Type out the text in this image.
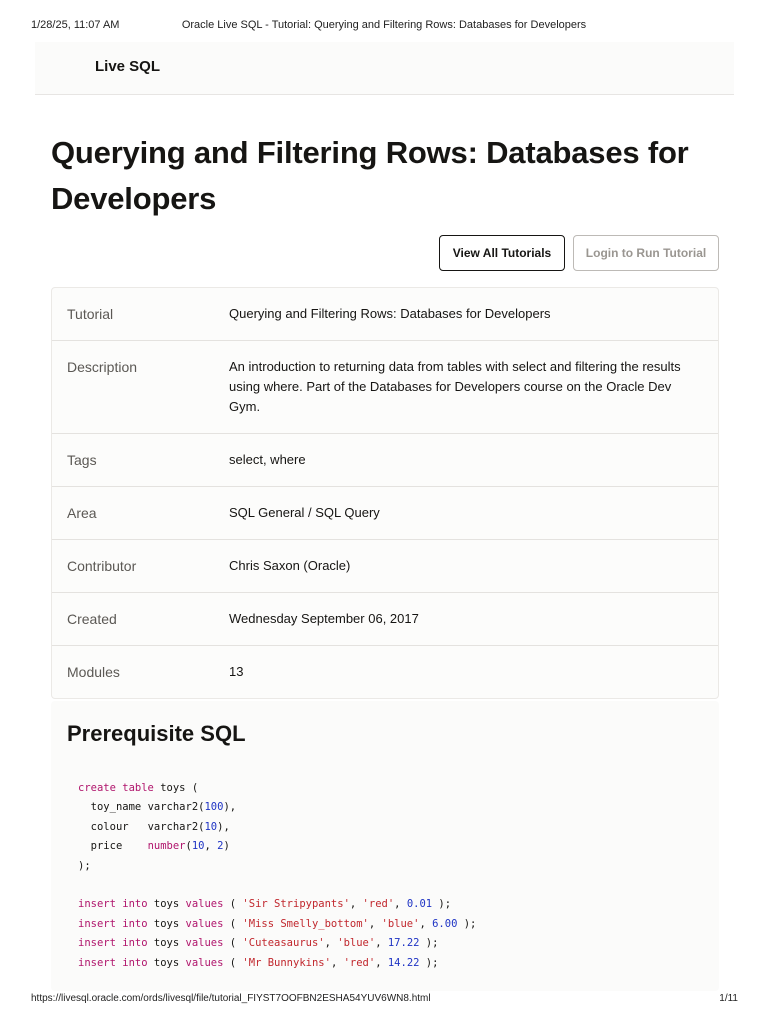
1/28/25, 11:07 AM	Oracle Live SQL - Tutorial: Querying and Filtering Rows: Databases for Developers
Live SQL
Querying and Filtering Rows: Databases for
Developers
View All Tutorials	Login to Run Tutorial
Tutorial	Querying and Filtering Rows: Databases for Developers
Description	An introduction to returning data from tables with select and filtering the results using where. Part of the Databases for Developers course on the Oracle Dev Gym.
Tags	select, where
Area	SQL General / SQL Query
Contributor	Chris Saxon (Oracle)
Created	Wednesday September 06, 2017
Modules	13
Prerequisite SQL
create table toys (
toy_name varchar2(100),
colour varchar2(10),
price number(10, 2)
);

insert into toys values ( 'Sir Stripypants', 'red', 0.01 );
insert into toys values ( 'Miss Smelly_bottom', 'blue', 6.00 );
insert into toys values ( 'Cuteasaurus', 'blue', 17.22 );
insert into toys values ( 'Mr Bunnykins', 'red', 14.22 );
https://livesql.oracle.com/ords/livesql/file/tutorial_FIYST7OOFBN2ESHA54YUV6WN8.html	1/11
